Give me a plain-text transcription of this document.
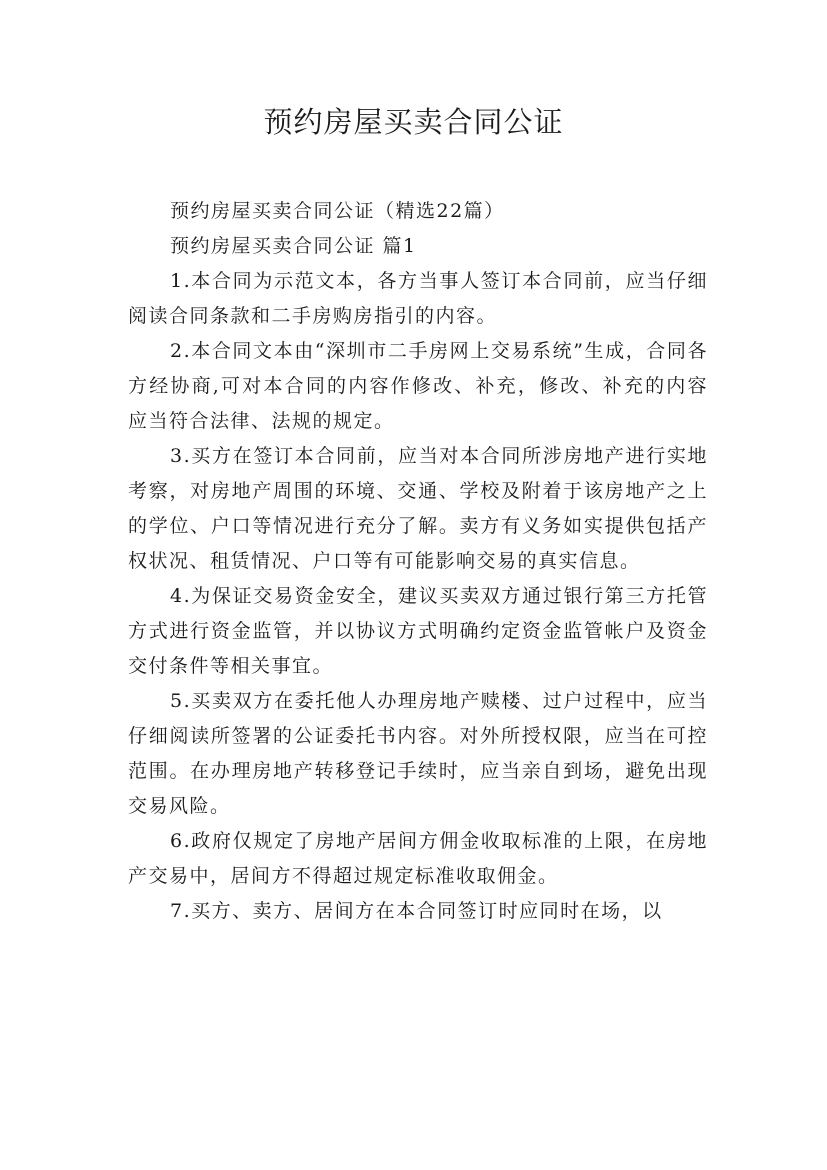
预约房屋买卖合同公证

预约房屋买卖合同公证（精选22篇）

预约房屋买卖合同公证 篇1

1.本合同为示范文本，各方当事人签订本合同前，应当仔细阅读合同条款和二手房购房指引的内容。

2.本合同文本由“深圳市二手房网上交易系统”生成，合同各方经协商,可对本合同的内容作修改、补充，修改、补充的内容应当符合法律、法规的规定。

3.买方在签订本合同前，应当对本合同所涉房地产进行实地考察，对房地产周围的环境、交通、学校及附着于该房地产之上的学位、户口等情况进行充分了解。卖方有义务如实提供包括产权状况、租赁情况、户口等有可能影响交易的真实信息。

4.为保证交易资金安全，建议买卖双方通过银行第三方托管方式进行资金监管，并以协议方式明确约定资金监管帐户及资金交付条件等相关事宜。

5.买卖双方在委托他人办理房地产赎楼、过户过程中，应当仔细阅读所签署的公证委托书内容。对外所授权限，应当在可控范围。在办理房地产转移登记手续时，应当亲自到场，避免出现交易风险。

6.政府仅规定了房地产居间方佣金收取标准的上限，在房地产交易中，居间方不得超过规定标准收取佣金。

7.买方、卖方、居间方在本合同签订时应同时在场，以
